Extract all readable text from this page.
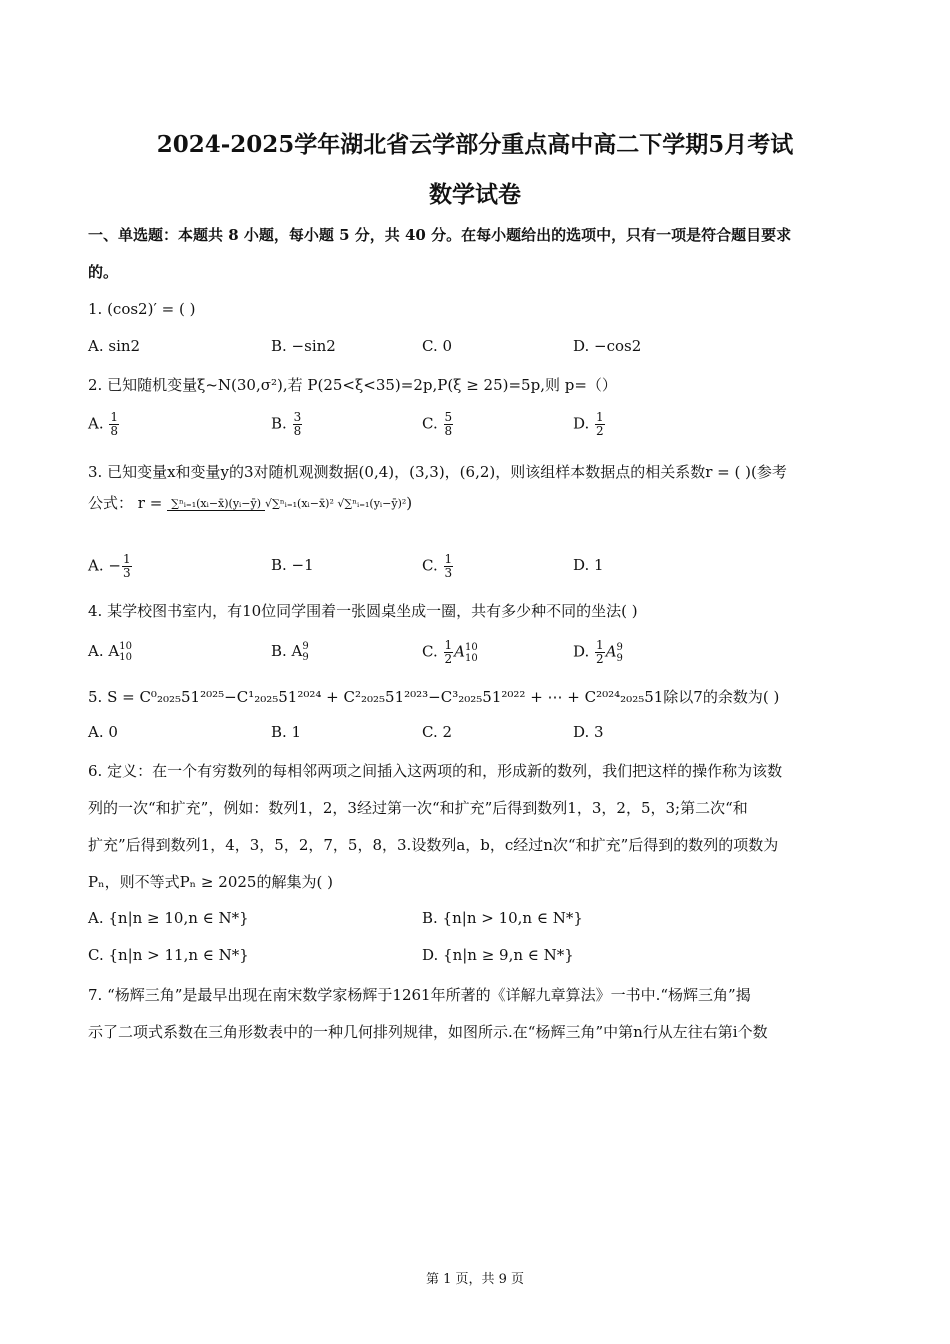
2024-2025学年湖北省云学部分重点高中高二下学期5月考试
数学试卷
一、单选题：本题共 8 小题，每小题 5 分，共 40 分。在每小题给出的选项中，只有一项是符合题目要求
的。
1. (cos2)′ = ( )
A. sin2	B. −sin2	C. 0	D. −cos2
2. 已知随机变量ξ~N(30,σ²),若 P(25<ξ<35)=2p,P(ξ ≥ 25)=5p,则 p=（）
A. $\frac{1}{8}$	B. $\frac{3}{8}$	C. $\frac{5}{8}$	D. $\frac{1}{2}$
3. 已知变量x和变量y的3对随机观测数据(0,4)，(3,3)，(6,2)，则该组样本数据点的相关系数r = ( )(参考
公式： r = ∑ⁿᵢ₌₁(xᵢ−x̄)(yᵢ−ȳ) √∑ⁿᵢ₌₁(xᵢ−x̄)² √∑ⁿᵢ₌₁(yᵢ−ȳ)²)
A. − $\frac{1}{3}$	B. −1	C. $\frac{1}{3}$	D. 1
4. 某学校图书室内，有10位同学围着一张圆桌坐成一圈，共有多少种不同的坐法( )
A. A 10
10	B. A 9
9	C. $\frac{1}{2}$ A 10
10	D. $\frac{1}{2}$ A 9
9
5. S = C⁰₂₀₂₅51²⁰²⁵−C¹₂₀₂₅51²⁰²⁴ + C²₂₀₂₅51²⁰²³−C³₂₀₂₅51²⁰²² + ⋯ + C²⁰²⁴₂₀₂₅51除以7的余数为( )
A. 0	B. 1	C. 2	D. 3
6. 定义：在一个有穷数列的每相邻两项之间插入这两项的和，形成新的数列，我们把这样的操作称为该数
列的一次“和扩充”，例如：数列1，2，3经过第一次“和扩充”后得到数列1，3，2，5，3;第二次“和
扩充”后得到数列1，4，3，5，2，7，5，8，3.设数列a，b，c经过n次“和扩充”后得到的数列的项数为
Pₙ，则不等式Pₙ ≥ 2025的解集为( )
A. {n|n ≥ 10,n ∈ N*}	B. {n|n > 10,n ∈ N*}
C. {n|n > 11,n ∈ N*}	D. {n|n ≥ 9,n ∈ N*}
7. “杨辉三角”是最早出现在南宋数学家杨辉于1261年所著的《详解九章算法》一书中.“杨辉三角”揭
示了二项式系数在三角形数表中的一种几何排列规律，如图所示.在“杨辉三角”中第n行从左往右第i个数
第 1 页，共 9 页
